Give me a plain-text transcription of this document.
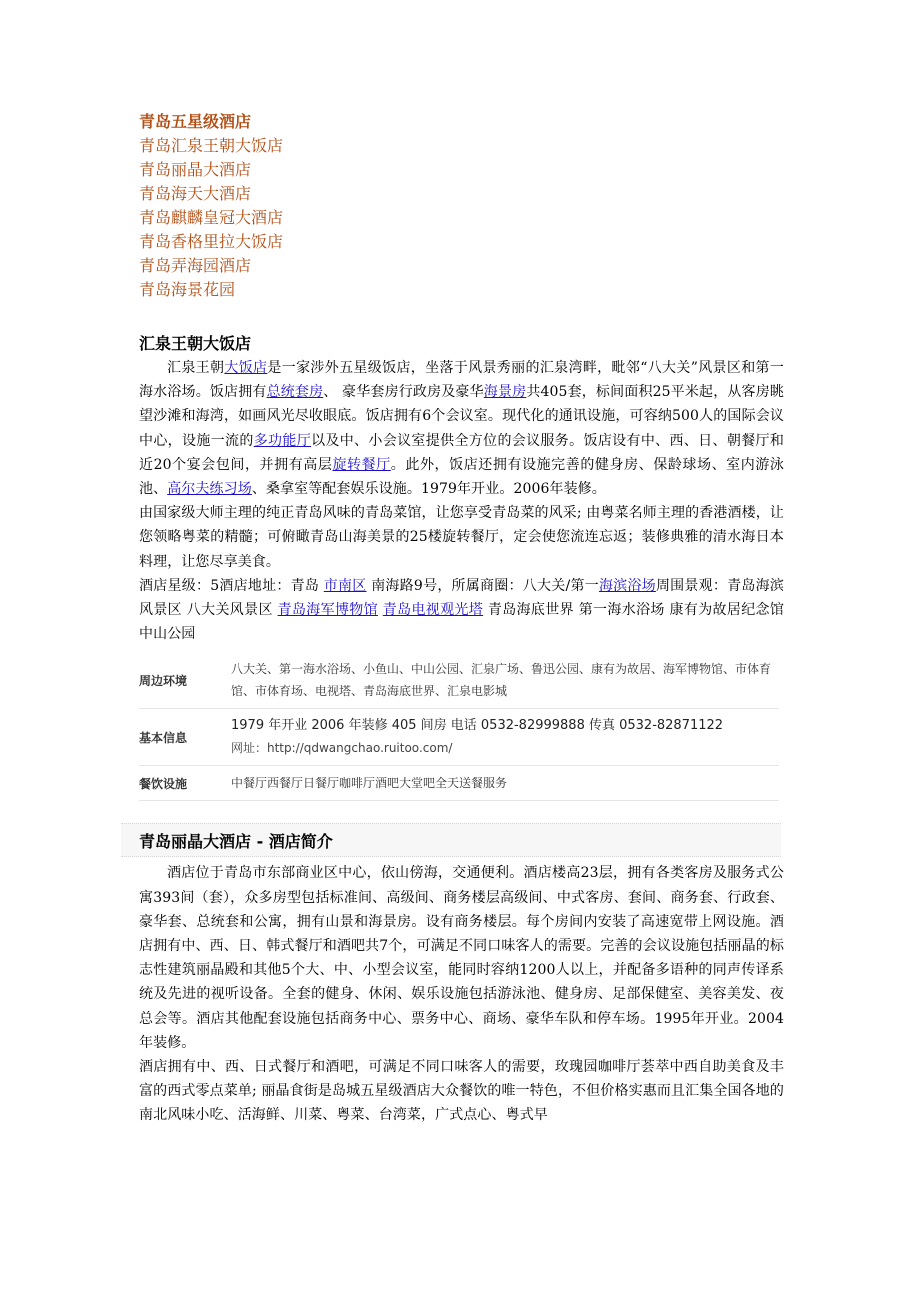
青岛五星级酒店
青岛汇泉王朝大饭店
青岛丽晶大酒店
青岛海天大酒店
青岛麒麟皇冠大酒店
青岛香格里拉大饭店
青岛弄海园酒店
青岛海景花园
汇泉王朝大饭店

汇泉王朝大饭店是一家涉外五星级饭店，坐落于风景秀丽的汇泉湾畔，毗邻“八大关”风景区和第一海水浴场。饭店拥有总统套房、 豪华套房行政房及豪华海景房共405套，标间面积25平米起，从客房眺望沙滩和海湾，如画风光尽收眼底。饭店拥有6个会议室。现代化的通讯设施，可容纳500人的国际会议中心，设施一流的多功能厅以及中、小会议室提供全方位的会议服务。饭店设有中、西、日、朝餐厅和近20个宴会包间，并拥有高层旋转餐厅。此外，饭店还拥有设施完善的健身房、保龄球场、室内游泳池、高尔夫练习场、桑拿室等配套娱乐设施。1979年开业。2006年装修。

由国家级大师主理的纯正青岛风味的青岛菜馆，让您享受青岛菜的风采; 由粤菜名师主理的香港酒楼，让您领略粤菜的精髓；可俯瞰青岛山海美景的25楼旋转餐厅，定会使您流连忘返；装修典雅的清水海日本料理，让您尽享美食。

酒店星级：5酒店地址：青岛 市南区 南海路9号，所属商圈：八大关/第一海滨浴场周围景观：青岛海滨风景区 八大关风景区 青岛海军博物馆 青岛电视观光塔 青岛海底世界 第一海水浴场 康有为故居纪念馆 中山公园

周边环境	八大关、第一海水浴场、小鱼山、中山公园、汇泉广场、鲁迅公园、康有为故居、海军博物馆、市体育馆、市体育场、电视塔、青岛海底世界、汇泉电影城
基本信息	1979 年开业 2006 年装修 405 间房 电话 0532-82999888 传真 0532-82871122
网址：http://qdwangchao.ruitoo.com/

餐饮设施	中餐厅西餐厅日餐厅咖啡厅酒吧大堂吧全天送餐服务
青岛丽晶大酒店 - 酒店简介

酒店位于青岛市东部商业区中心，依山傍海，交通便利。酒店楼高23层，拥有各类客房及服务式公寓393间（套），众多房型包括标准间、高级间、商务楼层高级间、中式客房、套间、商务套、行政套、豪华套、总统套和公寓，拥有山景和海景房。设有商务楼层。每个房间内安装了高速宽带上网设施。酒店拥有中、西、日、韩式餐厅和酒吧共7个，可满足不同口味客人的需要。完善的会议设施包括丽晶的标志性建筑丽晶殿和其他5个大、中、小型会议室，能同时容纳1200人以上，并配备多语种的同声传译系统及先进的视听设备。全套的健身、休闲、娱乐设施包括游泳池、健身房、足部保健室、美容美发、夜总会等。酒店其他配套设施包括商务中心、票务中心、商场、豪华车队和停车场。1995年开业。2004年装修。

酒店拥有中、西、日式餐厅和酒吧，可满足不同口味客人的需要，玫瑰园咖啡厅荟萃中西自助美食及丰富的西式零点菜单; 丽晶食街是岛城五星级酒店大众餐饮的唯一特色，不但价格实惠而且汇集全国各地的南北风味小吃、活海鲜、川菜、粤菜、台湾菜，广式点心、粤式早
